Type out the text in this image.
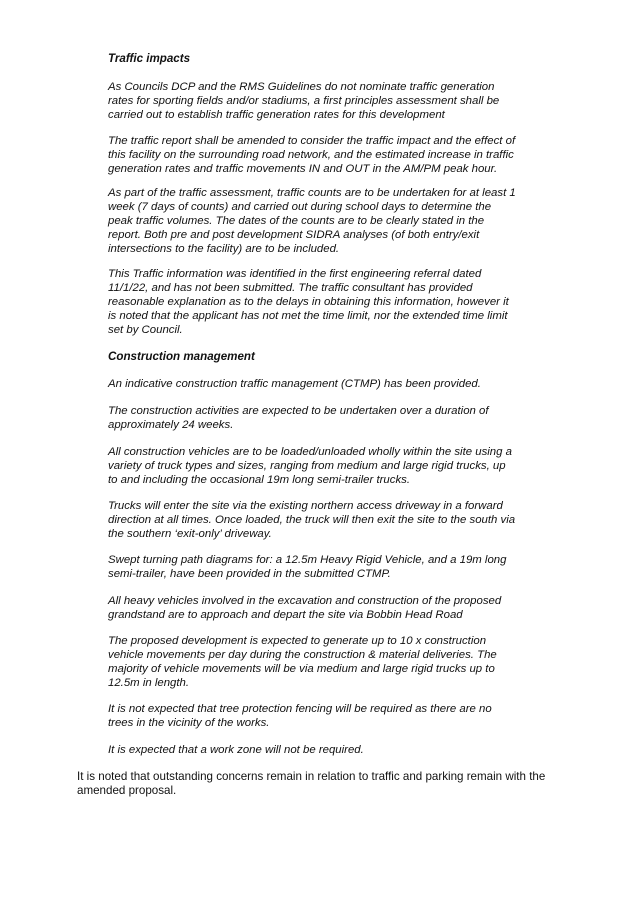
Traffic impacts

As Councils DCP and the RMS Guidelines do not nominate traffic generation
rates for sporting fields and/or stadiums, a first principles assessment shall be
carried out to establish traffic generation rates for this development

The traffic report shall be amended to consider the traffic impact and the effect of
this facility on the surrounding road network, and the estimated increase in traffic
generation rates and traffic movements IN and OUT in the AM/PM peak hour.

As part of the traffic assessment, traffic counts are to be undertaken for at least 1
week (7 days of counts) and carried out during school days to determine the
peak traffic volumes. The dates of the counts are to be clearly stated in the
report. Both pre and post development SIDRA analyses (of both entry/exit
intersections to the facility) are to be included.

This Traffic information was identified in the first engineering referral dated
11/1/22, and has not been submitted. The traffic consultant has provided
reasonable explanation as to the delays in obtaining this information, however it
is noted that the applicant has not met the time limit, nor the extended time limit
set by Council.

Construction management

An indicative construction traffic management (CTMP) has been provided.

The construction activities are expected to be undertaken over a duration of
approximately 24 weeks.

All construction vehicles are to be loaded/unloaded wholly within the site using a
variety of truck types and sizes, ranging from medium and large rigid trucks, up
to and including the occasional 19m long semi-trailer trucks.

Trucks will enter the site via the existing northern access driveway in a forward
direction at all times. Once loaded, the truck will then exit the site to the south via
the southern ‘exit-only’ driveway.

Swept turning path diagrams for: a 12.5m Heavy Rigid Vehicle, and a 19m long
semi-trailer, have been provided in the submitted CTMP.

All heavy vehicles involved in the excavation and construction of the proposed
grandstand are to approach and depart the site via Bobbin Head Road

The proposed development is expected to generate up to 10 x construction
vehicle movements per day during the construction & material deliveries. The
majority of vehicle movements will be via medium and large rigid trucks up to
12.5m in length.

It is not expected that tree protection fencing will be required as there are no
trees in the vicinity of the works.

It is expected that a work zone will not be required.

It is noted that outstanding concerns remain in relation to traffic and parking remain with the
amended proposal.
